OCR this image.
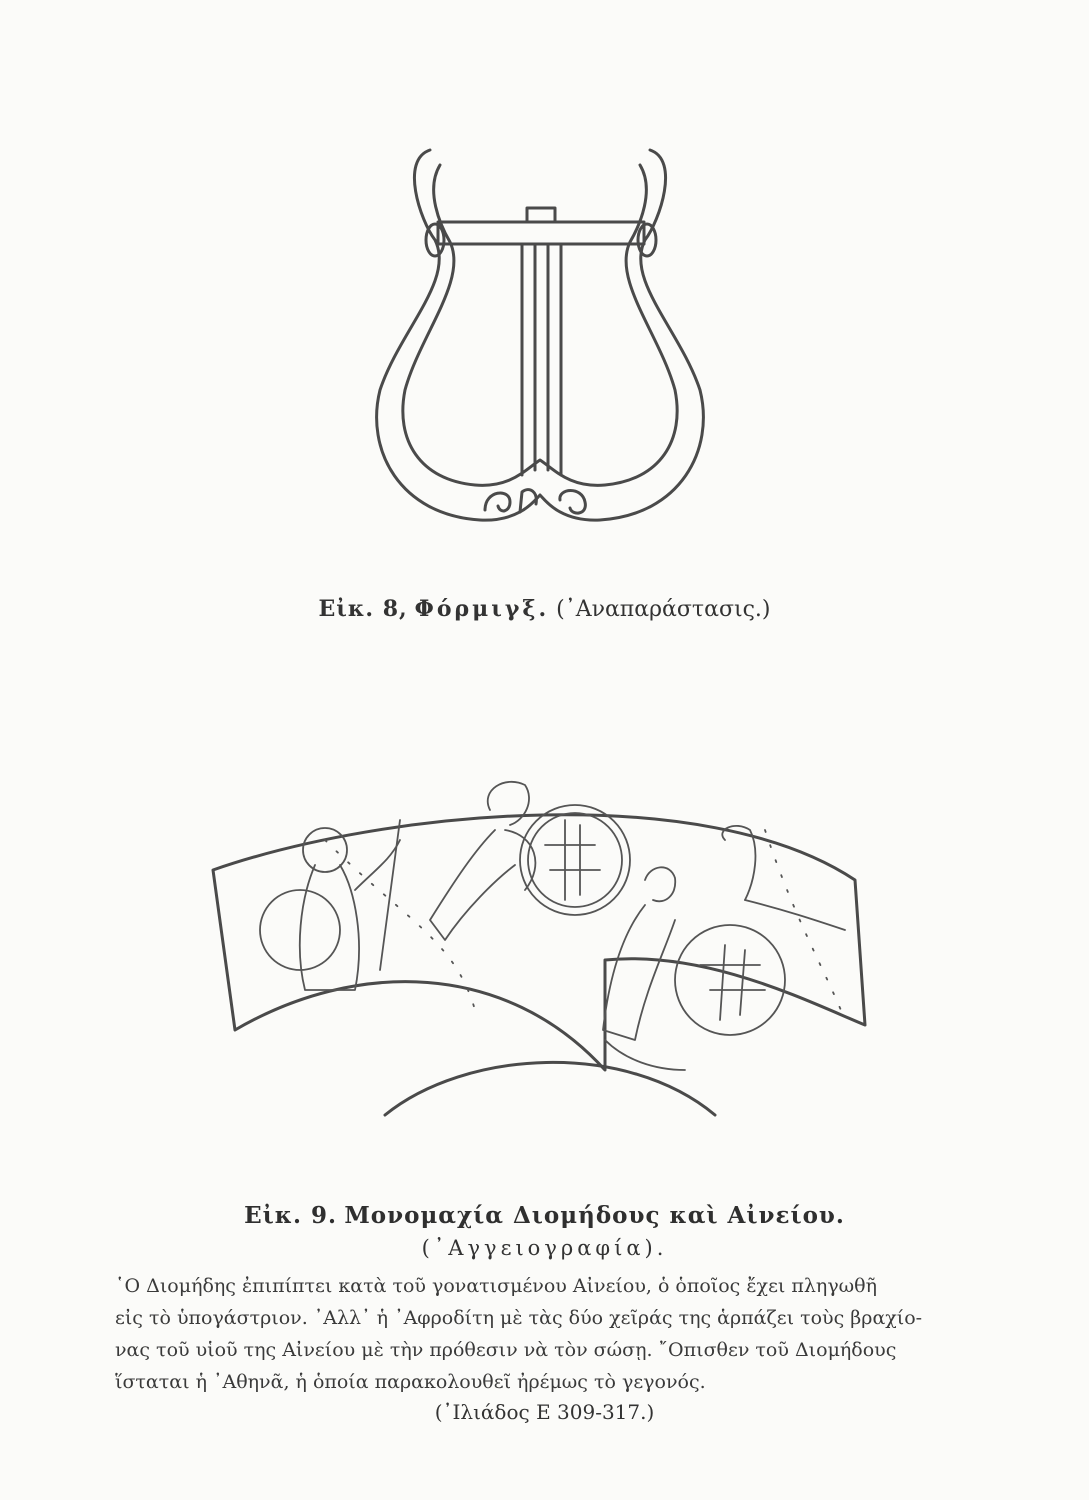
Εἰκ. 8, Φόρμιγξ. (᾿Αναπαράστασις.)
Εἰκ. 9. Μονομαχία Διομήδους καὶ Αἰνείου.
(᾿Αγγειογραφία).
῾Ο Διομήδης ἐπιπίπτει κατὰ τοῦ γονατισμένου Αἰνείου, ὁ ὁποῖος ἔχει πληγωθῆ
εἰς τὸ ὑπογάστριον. ᾿Αλλ᾿ ἡ ᾿Αφροδίτη μὲ τὰς δύο χεῖράς της ἁρπάζει τοὺς βραχίο-
νας τοῦ υἱοῦ της Αἰνείου μὲ τὴν πρόθεσιν νὰ τὸν σώσῃ. ῎Οπισθεν τοῦ Διομήδους
ἵσταται ἡ ᾿Αθηνᾶ, ἡ ὁποία παρακολουθεῖ ἠρέμως τὸ γεγονός.
(᾿Ιλιάδος Ε 309-317.)
